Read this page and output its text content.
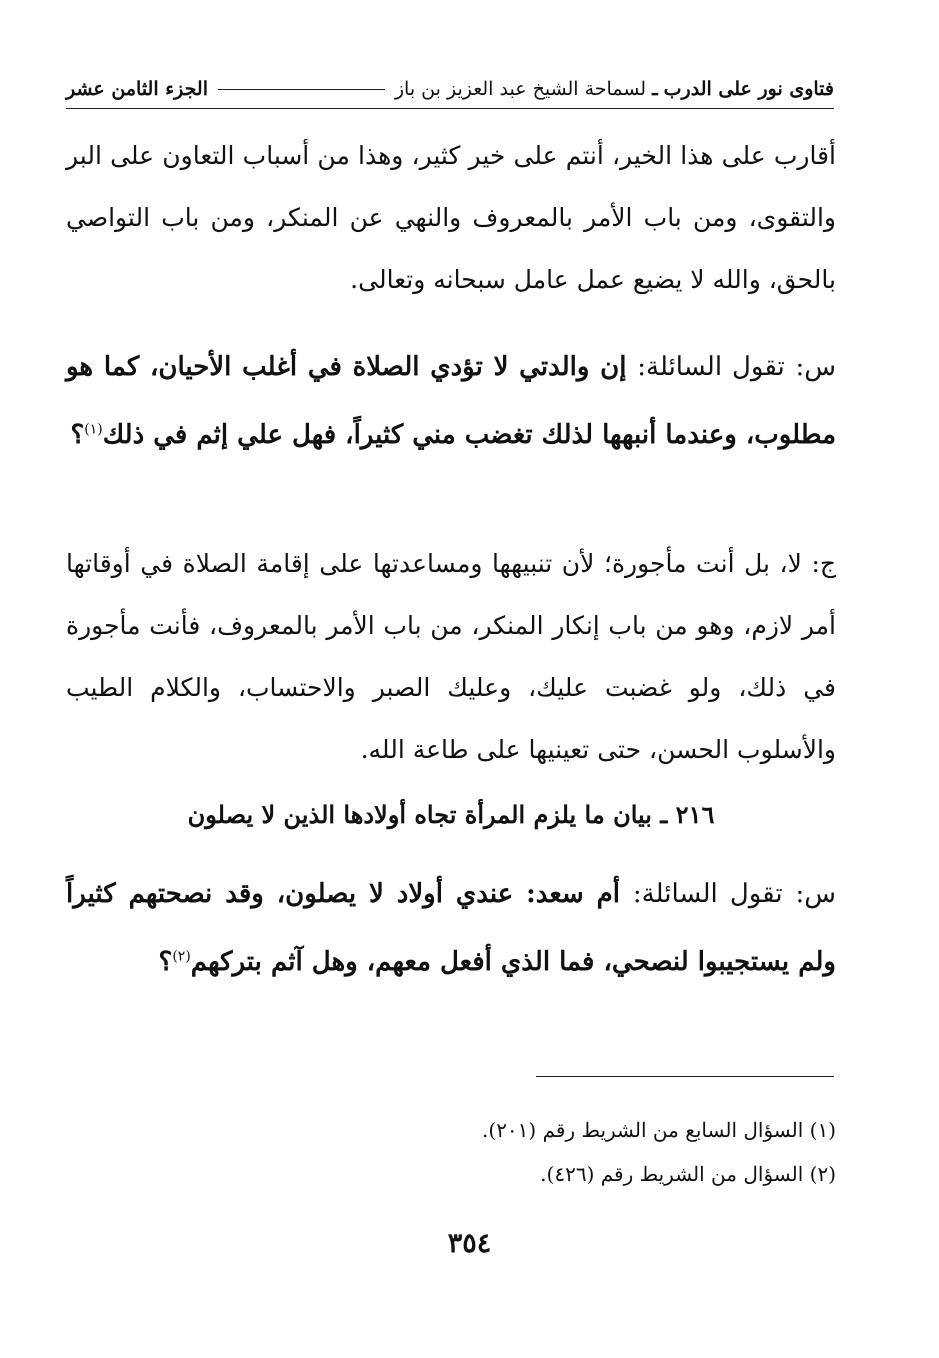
فتاوى نور على الدرب
ـ
لسماحة الشيخ عبد العزيز بن باز
الجزء الثامن عشر
أقارب على هذا الخير، أنتم على خير كثير، وهذا من أسباب التعاون على البر والتقوى، ومن باب الأمر بالمعروف والنهي عن المنكر، ومن باب التواصي بالحق، والله لا يضيع عمل عامل سبحانه وتعالى.
س: تقول السائلة: إن والدتي لا تؤدي الصلاة في أغلب الأحيان، كما هو مطلوب، وعندما أنبهها لذلك تغضب مني كثيراً، فهل علي إثم في ذلك$^{(١)}$؟
ج: لا، بل أنت مأجورة؛ لأن تنبيهها ومساعدتها على إقامة الصلاة في أوقاتها أمر لازم، وهو من باب إنكار المنكر، من باب الأمر بالمعروف، فأنت مأجورة في ذلك، ولو غضبت عليك، وعليك الصبر والاحتساب، والكلام الطيب والأسلوب الحسن، حتى تعينيها على طاعة الله.
٢١٦ ـ بيان ما يلزم المرأة تجاه أولادها الذين لا يصلون
س: تقول السائلة: أم سعد: عندي أولاد لا يصلون، وقد نصحتهم كثيراً ولم يستجيبوا لنصحي، فما الذي أفعل معهم، وهل آثم بتركهم$^{(٢)}$؟
(١) السؤال السابع من الشريط رقم (٢٠١).
(٢) السؤال من الشريط رقم (٤٢٦).
٣٥٤
